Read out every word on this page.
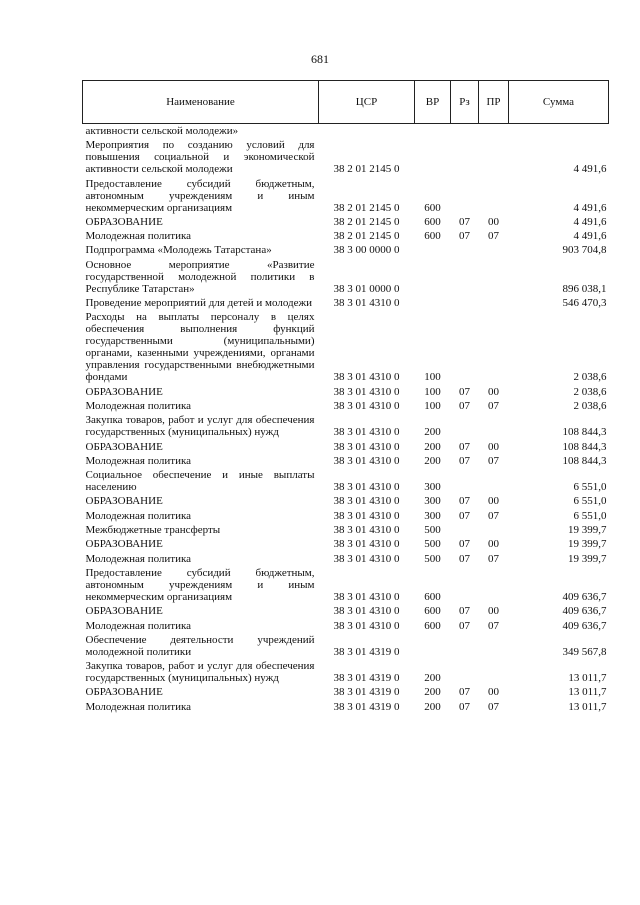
681
Наименование	ЦСР	ВР	Рз	ПР	Сумма
активности сельской молодежи»					
Мероприятия по созданию условий для повышения социальной и экономической активности сельской молодежи	38 2 01 2145 0				4 491,6
Предоставление субсидий бюджетным, автономным учреждениям и иным некоммерческим организациям	38 2 01 2145 0	600			4 491,6
ОБРАЗОВАНИЕ	38 2 01 2145 0	600	07	00	4 491,6
Молодежная политика	38 2 01 2145 0	600	07	07	4 491,6
Подпрограмма «Молодежь Татарстана»	38 3 00 0000 0				903 704,8
Основное мероприятие «Развитие государственной молодежной политики в Республике Татарстан»	38 3 01 0000 0				896 038,1
Проведение мероприятий для детей и молодежи	38 3 01 4310 0				546 470,3
Расходы на выплаты персоналу в целях обеспечения выполнения функций государственными (муниципальными) органами, казенными учреждениями, органами управления государственными внебюджетными фондами	38 3 01 4310 0	100			2 038,6
ОБРАЗОВАНИЕ	38 3 01 4310 0	100	07	00	2 038,6
Молодежная политика	38 3 01 4310 0	100	07	07	2 038,6
Закупка товаров, работ и услуг для обеспечения государственных (муниципальных) нужд	38 3 01 4310 0	200			108 844,3
ОБРАЗОВАНИЕ	38 3 01 4310 0	200	07	00	108 844,3
Молодежная политика	38 3 01 4310 0	200	07	07	108 844,3
Социальное обеспечение и иные выплаты населению	38 3 01 4310 0	300			6 551,0
ОБРАЗОВАНИЕ	38 3 01 4310 0	300	07	00	6 551,0
Молодежная политика	38 3 01 4310 0	300	07	07	6 551,0
Межбюджетные трансферты	38 3 01 4310 0	500			19 399,7
ОБРАЗОВАНИЕ	38 3 01 4310 0	500	07	00	19 399,7
Молодежная политика	38 3 01 4310 0	500	07	07	19 399,7
Предоставление субсидий бюджетным, автономным учреждениям и иным некоммерческим организациям	38 3 01 4310 0	600			409 636,7
ОБРАЗОВАНИЕ	38 3 01 4310 0	600	07	00	409 636,7
Молодежная политика	38 3 01 4310 0	600	07	07	409 636,7
Обеспечение деятельности учреждений молодежной политики	38 3 01 4319 0				349 567,8
Закупка товаров, работ и услуг для обеспечения государственных (муниципальных) нужд	38 3 01 4319 0	200			13 011,7
ОБРАЗОВАНИЕ	38 3 01 4319 0	200	07	00	13 011,7
Молодежная политика	38 3 01 4319 0	200	07	07	13 011,7
